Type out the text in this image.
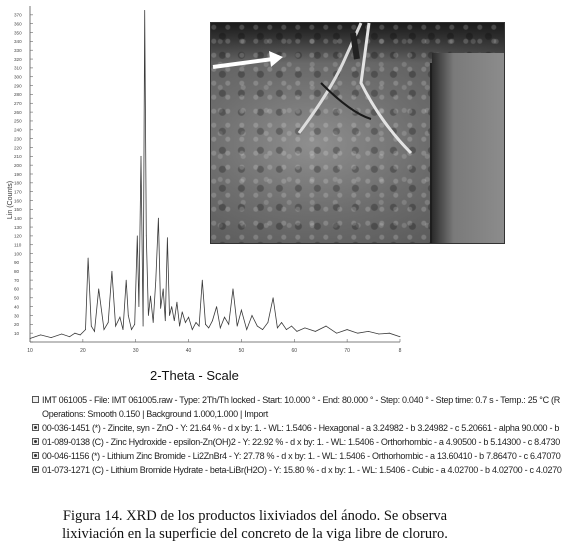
10
20
30
40
50
60
70
80
90
100
110
120
130
140
150
160
170
180
190
200
210
220
230
240
250
260
270
280
290
300
310
320
330
340
350
360
370
10	20	30	40	50	60	70	8
Lin (Counts)
2-Theta - Scale
IMT 061005 - File: IMT 061005.raw - Type: 2Th/Th locked - Start: 10.000 ° - End: 80.000 ° - Step: 0.040 ° - Step time: 0.7 s - Temp.: 25 °C (R
Operations: Smooth 0.150 | Background 1.000,1.000 | Import
00-036-1451 (*) - Zincite, syn - ZnO - Y: 21.64 % - d x by: 1. - WL: 1.5406 - Hexagonal - a 3.24982 - b 3.24982 - c 5.20661 - alpha 90.000 - b
01-089-0138 (C) - Zinc Hydroxide - epsilon-Zn(OH)2 - Y: 22.92 % - d x by: 1. - WL: 1.5406 - Orthorhombic - a 4.90500 - b 5.14300 - c 8.4730
00-046-1156 (*) - Lithium Zinc Bromide - Li2ZnBr4 - Y: 27.78 % - d x by: 1. - WL: 1.5406 - Orthorhombic - a 13.60410 - b 7.86470 - c 6.47070
01-073-1271 (C) - Lithium Bromide Hydrate - beta-LiBr(H2O) - Y: 15.80 % - d x by: 1. - WL: 1.5406 - Cubic - a 4.02700 - b 4.02700 - c 4.0270
Figura 14. XRD de los productos lixiviados del ánodo. Se observa
lixiviación en la superficie del concreto de la viga libre de cloruro.
